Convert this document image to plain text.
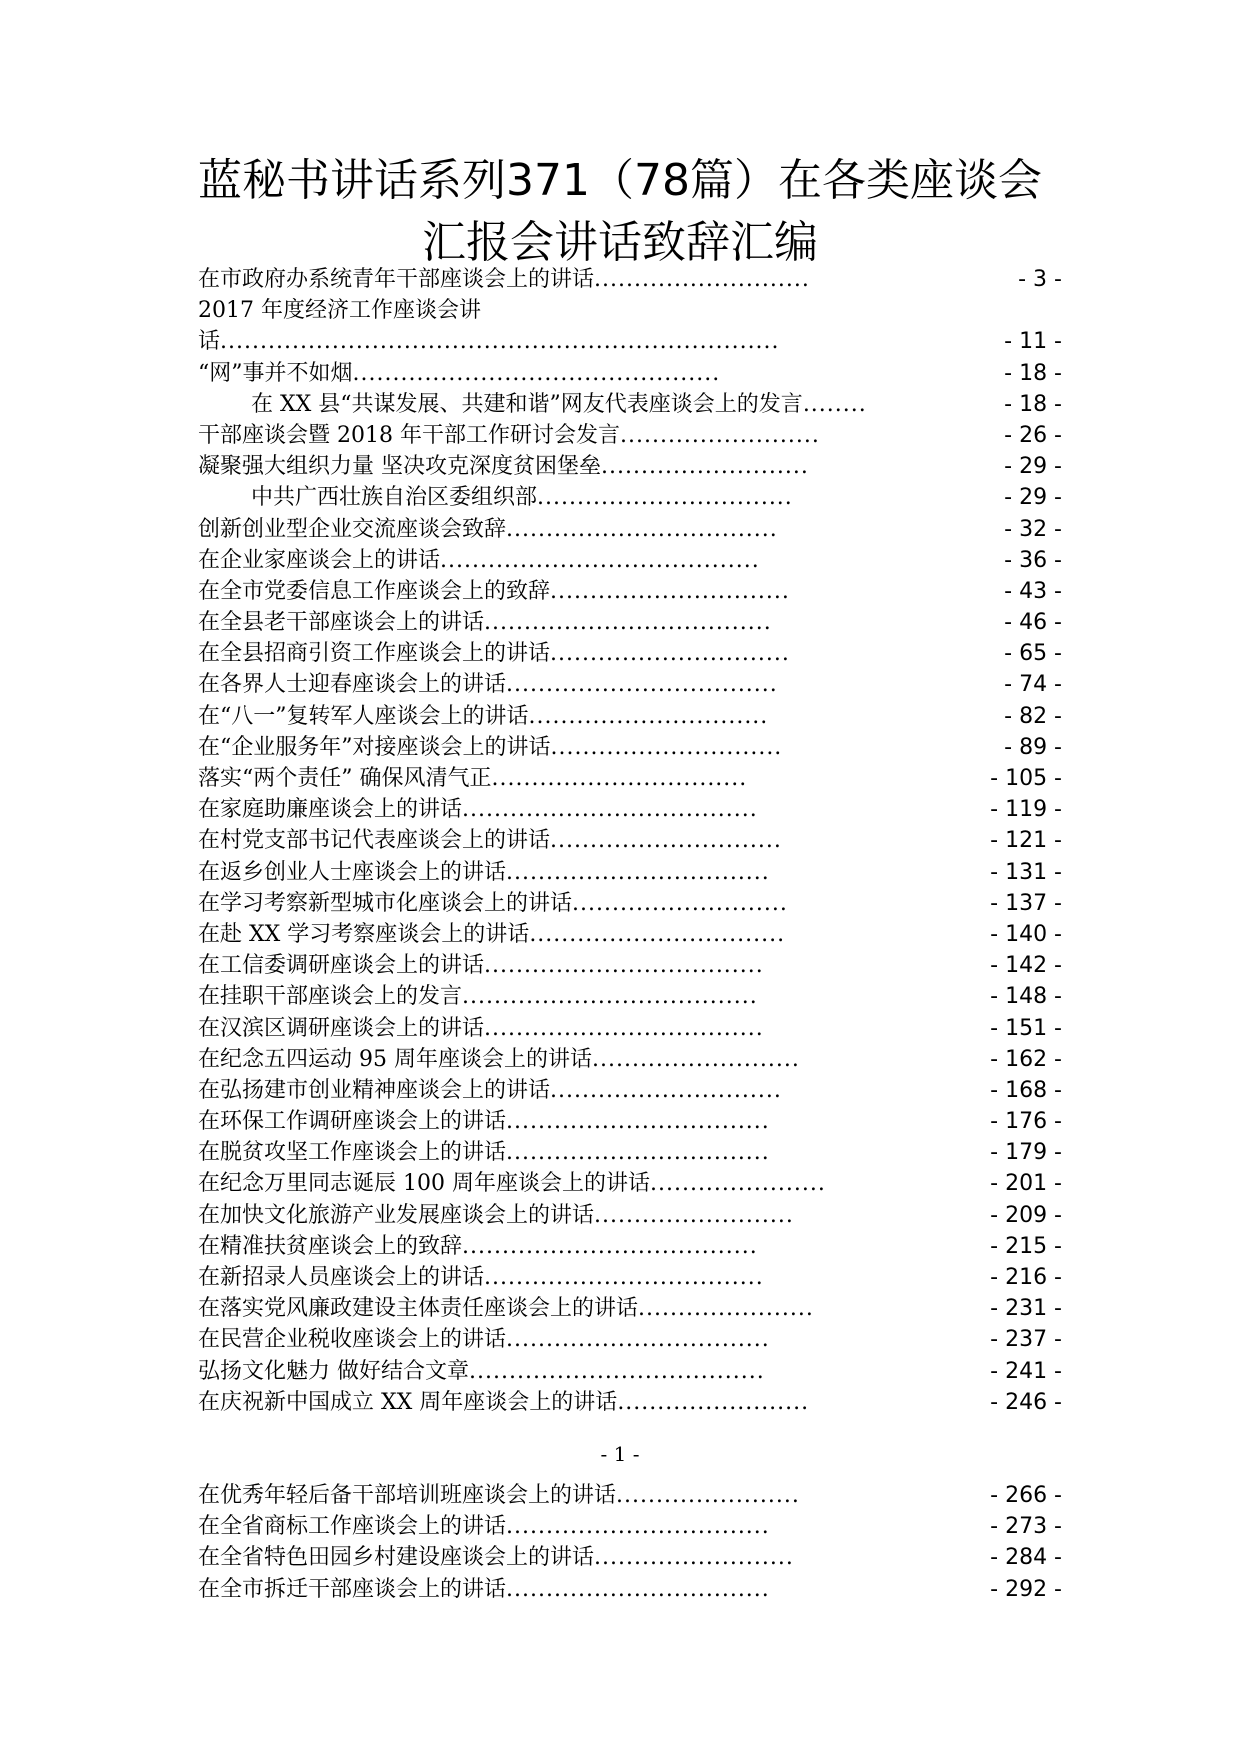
蓝秘书讲话系列371（78篇）在各类座谈会
汇报会讲话致辞汇编
在市政府办系统青年干部座谈会上的讲话...........................	- 3 -
2017 年度经济工作座谈会讲
话......................................................................	- 11 -
“网”事并不如烟..............................................	- 18 -
在 XX 县“共谋发展、共建和谐”网友代表座谈会上的发言........	- 18 -
干部座谈会暨 2018 年干部工作研讨会发言.........................	- 26 -
凝聚强大组织力量 坚决攻克深度贫困堡垒..........................	- 29 -
中共广西壮族自治区委组织部................................	- 29 -
创新创业型企业交流座谈会致辞..................................	- 32 -
在企业家座谈会上的讲话........................................	- 36 -
在全市党委信息工作座谈会上的致辞..............................	- 43 -
在全县老干部座谈会上的讲话....................................	- 46 -
在全县招商引资工作座谈会上的讲话..............................	- 65 -
在各界人士迎春座谈会上的讲话..................................	- 74 -
在“八一”复转军人座谈会上的讲话..............................	- 82 -
在“企业服务年”对接座谈会上的讲话.............................	- 89 -
落实“两个责任” 确保风清气正................................	- 105 -
在家庭助廉座谈会上的讲话.....................................	- 119 -
在村党支部书记代表座谈会上的讲话.............................	- 121 -
在返乡创业人士座谈会上的讲话.................................	- 131 -
在学习考察新型城市化座谈会上的讲话...........................	- 137 -
在赴 XX 学习考察座谈会上的讲话................................	- 140 -
在工信委调研座谈会上的讲话...................................	- 142 -
在挂职干部座谈会上的发言.....................................	- 148 -
在汉滨区调研座谈会上的讲话...................................	- 151 -
在纪念五四运动 95 周年座谈会上的讲话..........................	- 162 -
在弘扬建市创业精神座谈会上的讲话.............................	- 168 -
在环保工作调研座谈会上的讲话.................................	- 176 -
在脱贫攻坚工作座谈会上的讲话.................................	- 179 -
在纪念万里同志诞辰 100 周年座谈会上的讲话......................	- 201 -
在加快文化旅游产业发展座谈会上的讲话.........................	- 209 -
在精准扶贫座谈会上的致辞.....................................	- 215 -
在新招录人员座谈会上的讲话...................................	- 216 -
在落实党风廉政建设主体责任座谈会上的讲话......................	- 231 -
在民营企业税收座谈会上的讲话.................................	- 237 -
弘扬文化魅力 做好结合文章.....................................	- 241 -
在庆祝新中国成立 XX 周年座谈会上的讲话........................	- 246 -
- 1 -
在优秀年轻后备干部培训班座谈会上的讲话.......................	- 266 -
在全省商标工作座谈会上的讲话.................................	- 273 -
在全省特色田园乡村建设座谈会上的讲话.........................	- 284 -
在全市拆迁干部座谈会上的讲话.................................	- 292 -
